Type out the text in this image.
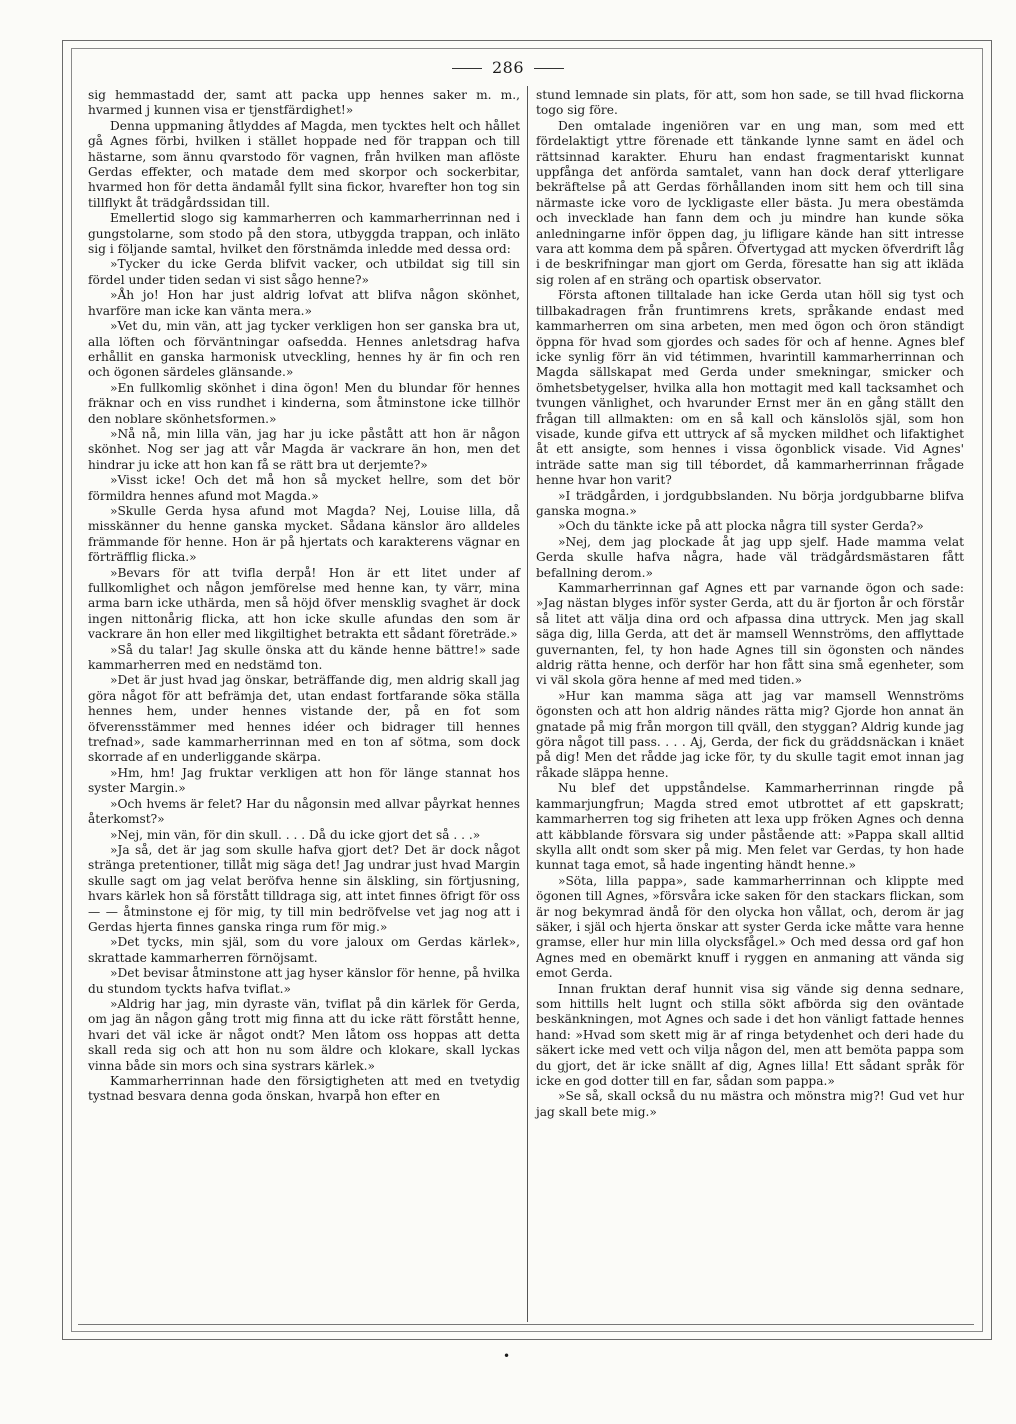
286

sig hemmastadd der, samt att packa upp hennes saker m. m., hvarmed j kunnen visa er tjenstfärdighet!»

Denna uppmaning åtlyddes af Magda, men tycktes helt och hållet gå Agnes förbi, hvilken i stället hoppade ned för trappan och till hästarne, som ännu qvarstodo för vagnen, från hvilken man aflöste Gerdas effekter, och matade dem med skorpor och sockerbitar, hvarmed hon för detta ändamål fyllt sina fickor, hvarefter hon tog sin tillflykt åt trädgårdssidan till.

Emellertid slogo sig kammarherren och kammarherrinnan ned i gungstolarne, som stodo på den stora, utbyggda trappan, och inläto sig i följande samtal, hvilket den förstnämda inledde med dessa ord:

»Tycker du icke Gerda blifvit vacker, och utbildat sig till sin fördel under tiden sedan vi sist sågo henne?»

»Åh jo! Hon har just aldrig lofvat att blifva någon skönhet, hvarföre man icke kan vänta mera.»

»Vet du, min vän, att jag tycker verkligen hon ser ganska bra ut, alla löften och förväntningar oafsedda. Hennes anletsdrag hafva erhållit en ganska harmonisk utveckling, hennes hy är fin och ren och ögonen särdeles glänsande.»

»En fullkomlig skönhet i dina ögon! Men du blundar för hennes fräknar och en viss rundhet i kinderna, som åtminstone icke tillhör den noblare skönhetsformen.»

»Nå nå, min lilla vän, jag har ju icke påstått att hon är någon skönhet. Nog ser jag att vår Magda är vackrare än hon, men det hindrar ju icke att hon kan få se rätt bra ut derjemte?»

»Visst icke! Och det må hon så mycket hellre, som det bör förmildra hennes afund mot Magda.»

»Skulle Gerda hysa afund mot Magda? Nej, Louise lilla, då misskänner du henne ganska mycket. Sådana känslor äro alldeles främmande för henne. Hon är på hjertats och karakterens vägnar en förträfflig flicka.»

»Bevars för att tvifla derpå! Hon är ett litet under af fullkomlighet och någon jemförelse med henne kan, ty värr, mina arma barn icke uthärda, men så höjd öfver mensklig svaghet är dock ingen nittonårig flicka, att hon icke skulle afundas den som är vackrare än hon eller med likgiltighet betrakta ett sådant företräde.»

»Så du talar! Jag skulle önska att du kände henne bättre!» sade kammarherren med en nedstämd ton.

»Det är just hvad jag önskar, beträffande dig, men aldrig skall jag göra något för att befrämja det, utan endast fortfarande söka ställa hennes hem, under hennes vistande der, på en fot som öfverensstämmer med hennes idéer och bidrager till hennes trefnad», sade kammarherrinnan med en ton af sötma, som dock skorrade af en underliggande skärpa.

»Hm, hm! Jag fruktar verkligen att hon för länge stannat hos syster Margin.»

»Och hvems är felet? Har du någonsin med allvar påyrkat hennes återkomst?»

»Nej, min vän, för din skull. . . . Då du icke gjort det så . . .»

»Ja så, det är jag som skulle hafva gjort det? Det är dock något stränga pretentioner, tillåt mig säga det! Jag undrar just hvad Margin skulle sagt om jag velat beröfva henne sin älskling, sin förtjusning, hvars kärlek hon så förstått tilldraga sig, att intet finnes öfrigt för oss — — åtminstone ej för mig, ty till min bedröfvelse vet jag nog att i Gerdas hjerta finnes ganska ringa rum för mig.»

»Det tycks, min själ, som du vore jaloux om Gerdas kärlek», skrattade kammarherren förnöjsamt.

»Det bevisar åtminstone att jag hyser känslor för henne, på hvilka du stundom tyckts hafva tviflat.»

»Aldrig har jag, min dyraste vän, tviflat på din kärlek för Gerda, om jag än någon gång trott mig finna att du icke rätt förstått henne, hvari det väl icke är något ondt? Men låtom oss hoppas att detta skall reda sig och att hon nu som äldre och klokare, skall lyckas vinna både sin mors och sina systrars kärlek.»

Kammarherrinnan hade den försigtigheten att med en tvetydig tystnad besvara denna goda önskan, hvarpå hon efter en

stund lemnade sin plats, för att, som hon sade, se till hvad flickorna togo sig före.

Den omtalade ingeniören var en ung man, som med ett fördelaktigt yttre förenade ett tänkande lynne samt en ädel och rättsinnad karakter. Ehuru han endast fragmentariskt kunnat uppfånga det anförda samtalet, vann han dock deraf ytterligare bekräftelse på att Gerdas förhållanden inom sitt hem och till sina närmaste icke voro de lyckligaste eller bästa. Ju mera obestämda och invecklade han fann dem och ju mindre han kunde söka anledningarne inför öppen dag, ju lifligare kände han sitt intresse vara att komma dem på spåren. Öfvertygad att mycken öfverdrift låg i de beskrifningar man gjort om Gerda, föresatte han sig att ikläda sig rolen af en sträng och opartisk observator.

Första aftonen tilltalade han icke Gerda utan höll sig tyst och tillbakadragen från fruntimrens krets, språkande endast med kammarherren om sina arbeten, men med ögon och öron ständigt öppna för hvad som gjordes och sades för och af henne. Agnes blef icke synlig förr än vid tétimmen, hvarintill kammarherrinnan och Magda sällskapat med Gerda under smekningar, smicker och ömhetsbetygelser, hvilka alla hon mottagit med kall tacksamhet och tvungen vänlighet, och hvarunder Ernst mer än en gång ställt den frågan till allmakten: om en så kall och känslolös själ, som hon visade, kunde gifva ett uttryck af så mycken mildhet och lifaktighet åt ett ansigte, som hennes i vissa ögonblick visade. Vid Agnes' inträde satte man sig till tébordet, då kammarherrinnan frågade henne hvar hon varit?

»I trädgården, i jordgubbslanden. Nu börja jordgubbarne blifva ganska mogna.»

»Och du tänkte icke på att plocka några till syster Gerda?»

»Nej, dem jag plockade åt jag upp sjelf. Hade mamma velat Gerda skulle hafva några, hade väl trädgårdsmästaren fått befallning derom.»

Kammarherrinnan gaf Agnes ett par varnande ögon och sade: »Jag nästan blyges inför syster Gerda, att du är fjorton år och förstår så litet att välja dina ord och afpassa dina uttryck. Men jag skall säga dig, lilla Gerda, att det är mamsell Wennströms, den afflyttade guvernanten, fel, ty hon hade Agnes till sin ögonsten och nändes aldrig rätta henne, och derför har hon fått sina små egenheter, som vi väl skola göra henne af med med tiden.»

»Hur kan mamma säga att jag var mamsell Wennströms ögonsten och att hon aldrig nändes rätta mig? Gjorde hon annat än gnatade på mig från morgon till qväll, den styggan? Aldrig kunde jag göra något till pass. . . . Aj, Gerda, der fick du gräddsnäckan i knäet på dig! Men det rådde jag icke för, ty du skulle tagit emot innan jag råkade släppa henne.

Nu blef det uppståndelse. Kammarherrinnan ringde på kammarjungfrun; Magda stred emot utbrottet af ett gapskratt; kammarherren tog sig friheten att lexa upp fröken Agnes och denna att käbblande försvara sig under påstående att: »Pappa skall alltid skylla allt ondt som sker på mig. Men felet var Gerdas, ty hon hade kunnat taga emot, så hade ingenting händt henne.»

»Söta, lilla pappa», sade kammarherrinnan och klippte med ögonen till Agnes, »försvåra icke saken för den stackars flickan, som är nog bekymrad ändå för den olycka hon vållat, och, derom är jag säker, i själ och hjerta önskar att syster Gerda icke måtte vara henne gramse, eller hur min lilla olycksfågel.» Och med dessa ord gaf hon Agnes med en obemärkt knuff i ryggen en anmaning att vända sig emot Gerda.

Innan fruktan deraf hunnit visa sig vände sig denna sednare, som hittills helt lugnt och stilla sökt afbörda sig den oväntade beskänkningen, mot Agnes och sade i det hon vänligt fattade hennes hand: »Hvad som skett mig är af ringa betydenhet och deri hade du säkert icke med vett och vilja någon del, men att bemöta pappa som du gjort, det är icke snällt af dig, Agnes lilla! Ett sådant språk för icke en god dotter till en far, sådan som pappa.»

»Se så, skall också du nu mästra och mönstra mig?! Gud vet hur jag skall bete mig.»

•
